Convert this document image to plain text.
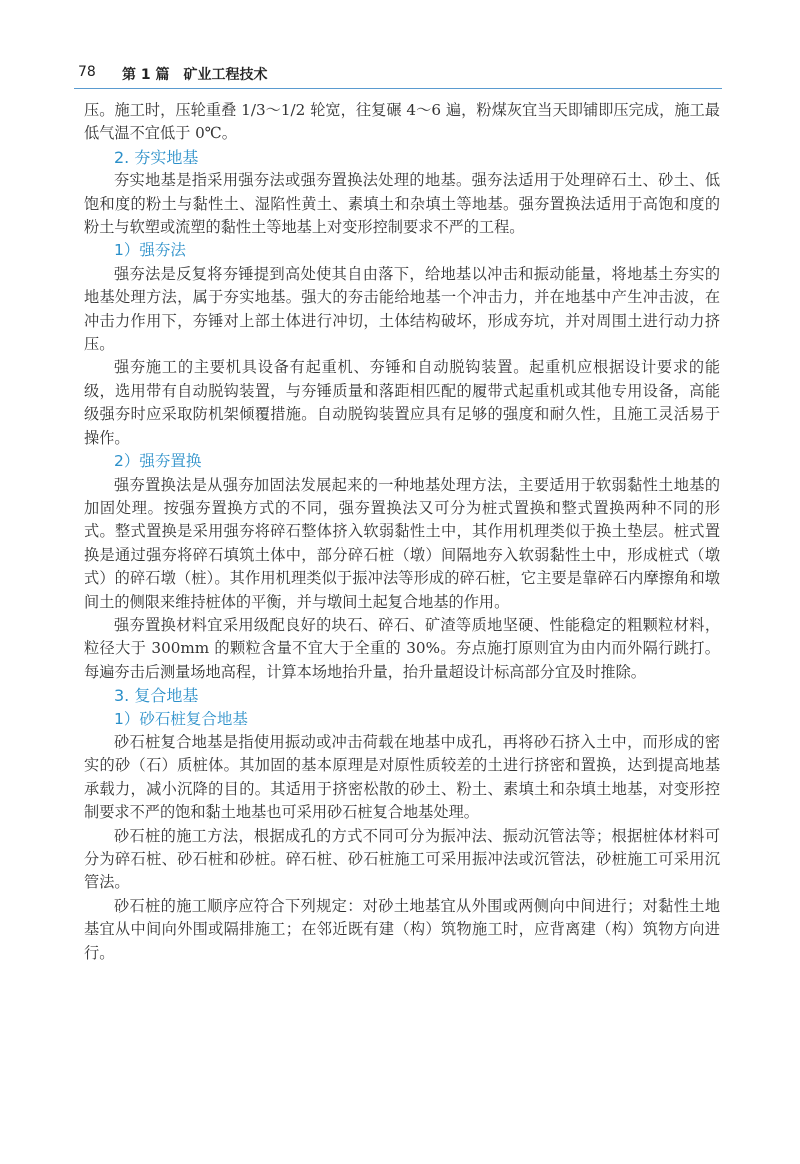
78 第 1 篇　矿业工程技术

压。施工时，压轮重叠 1/3～1/2 轮宽，往复碾 4～6 遍，粉煤灰宜当天即铺即压完成，施工最低气温不宜低于 0℃。

2. 夯实地基

夯实地基是指采用强夯法或强夯置换法处理的地基。强夯法适用于处理碎石土、砂土、低饱和度的粉土与黏性土、湿陷性黄土、素填土和杂填土等地基。强夯置换法适用于高饱和度的粉土与软塑或流塑的黏性土等地基上对变形控制要求不严的工程。

1）强夯法

强夯法是反复将夯锤提到高处使其自由落下，给地基以冲击和振动能量，将地基土夯实的地基处理方法，属于夯实地基。强大的夯击能给地基一个冲击力，并在地基中产生冲击波，在冲击力作用下，夯锤对上部土体进行冲切，土体结构破坏，形成夯坑，并对周围土进行动力挤压。

强夯施工的主要机具设备有起重机、夯锤和自动脱钩装置。起重机应根据设计要求的能级，选用带有自动脱钩装置，与夯锤质量和落距相匹配的履带式起重机或其他专用设备，高能级强夯时应采取防机架倾覆措施。自动脱钩装置应具有足够的强度和耐久性，且施工灵活易于操作。

2）强夯置换

强夯置换法是从强夯加固法发展起来的一种地基处理方法，主要适用于软弱黏性土地基的加固处理。按强夯置换方式的不同，强夯置换法又可分为桩式置换和整式置换两种不同的形式。整式置换是采用强夯将碎石整体挤入软弱黏性土中，其作用机理类似于换土垫层。桩式置换是通过强夯将碎石填筑土体中，部分碎石桩（墩）间隔地夯入软弱黏性土中，形成桩式（墩式）的碎石墩（桩）。其作用机理类似于振冲法等形成的碎石桩，它主要是靠碎石内摩擦角和墩间土的侧限来维持桩体的平衡，并与墩间土起复合地基的作用。

强夯置换材料宜采用级配良好的块石、碎石、矿渣等质地坚硬、性能稳定的粗颗粒材料，粒径大于 300mm 的颗粒含量不宜大于全重的 30%。夯点施打原则宜为由内而外隔行跳打。每遍夯击后测量场地高程，计算本场地抬升量，抬升量超设计标高部分宜及时推除。

3. 复合地基
1）砂石桩复合地基

砂石桩复合地基是指使用振动或冲击荷载在地基中成孔，再将砂石挤入土中，而形成的密实的砂（石）质桩体。其加固的基本原理是对原性质较差的土进行挤密和置换，达到提高地基承载力，减小沉降的目的。其适用于挤密松散的砂土、粉土、素填土和杂填土地基，对变形控制要求不严的饱和黏土地基也可采用砂石桩复合地基处理。

砂石桩的施工方法，根据成孔的方式不同可分为振冲法、振动沉管法等；根据桩体材料可分为碎石桩、砂石桩和砂桩。碎石桩、砂石桩施工可采用振冲法或沉管法，砂桩施工可采用沉管法。

砂石桩的施工顺序应符合下列规定：对砂土地基宜从外围或两侧向中间进行；对黏性土地基宜从中间向外围或隔排施工；在邻近既有建（构）筑物施工时，应背离建（构）筑物方向进行。
